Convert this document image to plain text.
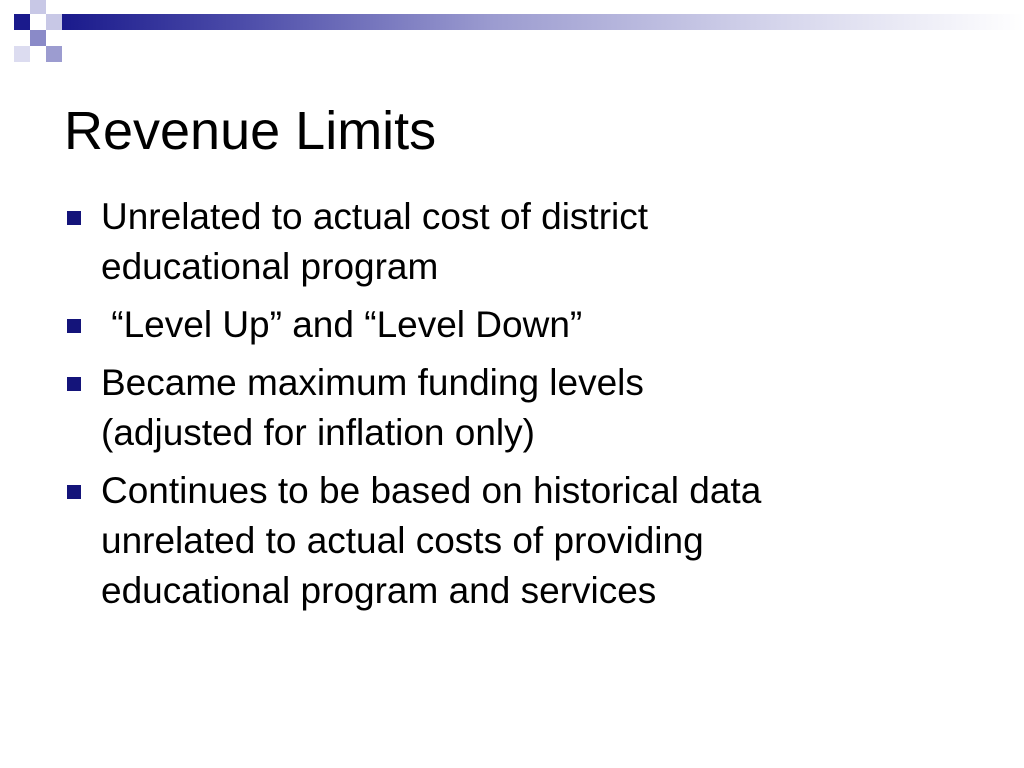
Revenue Limits
Unrelated to actual cost of district
educational program
“Level Up” and “Level Down”
Became maximum funding levels
(adjusted for inflation only)
Continues to be based on historical data
unrelated to actual costs of providing
educational program and services
